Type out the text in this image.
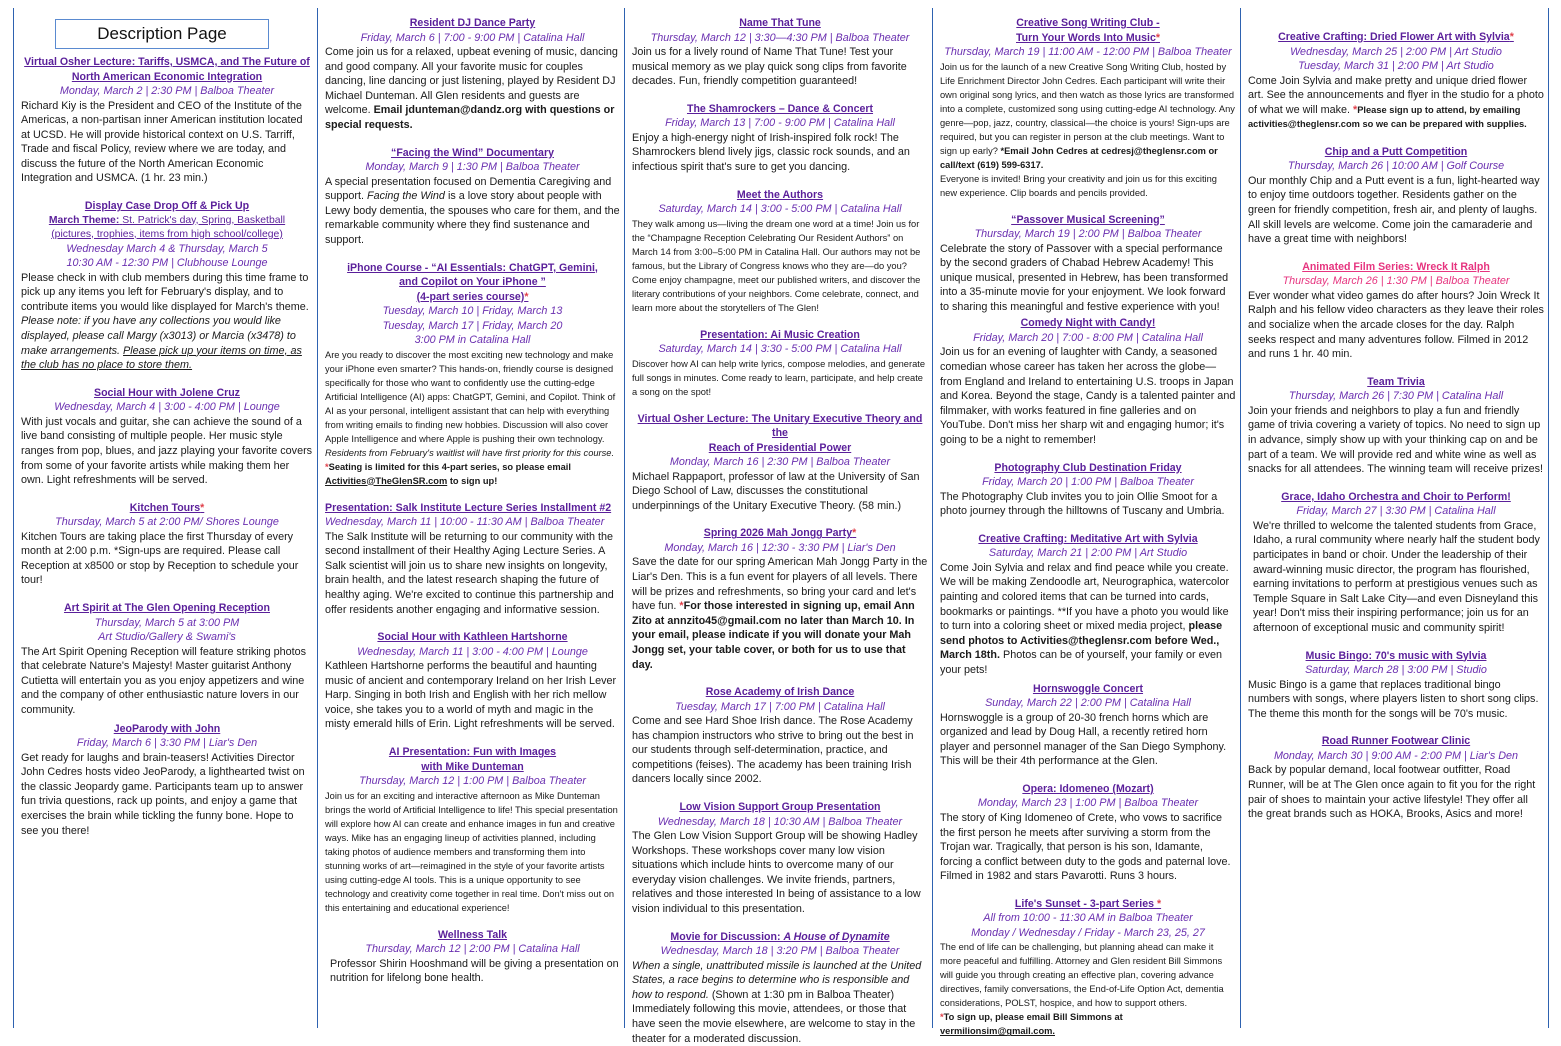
Description Page
Virtual Osher Lecture: Tariffs, USMCA, and The Future of North American Economic Integration
Monday, March 2 | 2:30 PM | Balboa Theater
Richard Kiy is the President and CEO of the Institute of the Americas, a non-partisan inner American institution located at UCSD. He will provide historical context on U.S. Tarriff, Trade and fiscal Policy, review where we are today, and discuss the future of the North American Economic Integration and USMCA. (1 hr. 23 min.)
Display Case Drop Off & Pick Up
March Theme: St. Patrick's day, Spring, Basketball
(pictures, trophies, items from high school/college)
Wednesday March 4 & Thursday, March 5
10:30 AM - 12:30 PM | Clubhouse Lounge
Please check in with club members during this time frame to pick up any items you left for February's display, and to contribute items you would like displayed for March's theme. Please note: if you have any collections you would like displayed, please call Margy (x3013) or Marcia (x3478) to make arrangements. Please pick up your items on time, as the club has no place to store them.
Social Hour with Jolene Cruz
Wednesday, March 4 | 3:00 - 4:00 PM | Lounge
With just vocals and guitar, she can achieve the sound of a live band consisting of multiple people. Her music style ranges from pop, blues, and jazz playing your favorite covers from some of your favorite artists while making them her own. Light refreshments will be served.
Kitchen Tours*
Thursday, March 5 at 2:00 PM/ Shores Lounge
Kitchen Tours are taking place the first Thursday of every month at 2:00 p.m. *Sign-ups are required. Please call Reception at x8500 or stop by Reception to schedule your tour!
Art Spirit at The Glen Opening Reception
Thursday, March 5 at 3:00 PM
Art Studio/Gallery & Swami's
The Art Spirit Opening Reception will feature striking photos that celebrate Nature's Majesty! Master guitarist Anthony Cutietta will entertain you as you enjoy appetizers and wine and the company of other enthusiastic nature lovers in our community.
JeoParody with John
Friday, March 6 | 3:30 PM | Liar's Den
Get ready for laughs and brain-teasers! Activities Director John Cedres hosts video JeoParody, a lighthearted twist on the classic Jeopardy game. Participants team up to answer fun trivia questions, rack up points, and enjoy a game that exercises the brain while tickling the funny bone. Hope to see you there!
Resident DJ Dance Party
Friday, March 6 | 7:00 - 9:00 PM | Catalina Hall
Come join us for a relaxed, upbeat evening of music, dancing and good company. All your favorite music for couples dancing, line dancing or just listening, played by Resident DJ Michael Dunteman. All Glen residents and guests are welcome. Email jdunteman@dandz.org with questions or special requests.
“Facing the Wind” Documentary
Monday, March 9 | 1:30 PM | Balboa Theater
A special presentation focused on Dementia Caregiving and support. Facing the Wind is a love story about people with Lewy body dementia, the spouses who care for them, and the remarkable community where they find sustenance and support.
iPhone Course - “AI Essentials: ChatGPT, Gemini,
and Copilot on Your iPhone ”
(4-part series course)*
Tuesday, March 10 | Friday, March 13
Tuesday, March 17 | Friday, March 20
3:00 PM in Catalina Hall
Are you ready to discover the most exciting new technology and make your iPhone even smarter? This hands-on, friendly course is designed specifically for those who want to confidently use the cutting-edge Artificial Intelligence (AI) apps: ChatGPT, Gemini, and Copilot. Think of AI as your personal, intelligent assistant that can help with everything from writing emails to finding new hobbies. Discussion will also cover Apple Intelligence and where Apple is pushing their own technology. Residents from February's waitlist will have first priority for this course. *Seating is limited for this 4-part series, so please email Activities@TheGlenSR.com to sign up!
Presentation: Salk Institute Lecture Series Installment #2
Wednesday, March 11 | 10:00 - 11:30 AM | Balboa Theater
The Salk Institute will be returning to our community with the second installment of their Healthy Aging Lecture Series. A Salk scientist will join us to share new insights on longevity, brain health, and the latest research shaping the future of healthy aging. We're excited to continue this partnership and offer residents another engaging and informative session.
Social Hour with Kathleen Hartshorne
Wednesday, March 11 | 3:00 - 4:00 PM | Lounge
Kathleen Hartshorne performs the beautiful and haunting music of ancient and contemporary Ireland on her Irish Lever Harp. Singing in both Irish and English with her rich mellow voice, she takes you to a world of myth and magic in the misty emerald hills of Erin. Light refreshments will be served.
AI Presentation: Fun with Images
with Mike Dunteman
Thursday, March 12 | 1:00 PM | Balboa Theater
Join us for an exciting and interactive afternoon as Mike Dunteman brings the world of Artificial Intelligence to life! This special presentation will explore how AI can create and enhance images in fun and creative ways. Mike has an engaging lineup of activities planned, including taking photos of audience members and transforming them into stunning works of art—reimagined in the style of your favorite artists using cutting-edge AI tools. This is a unique opportunity to see technology and creativity come together in real time. Don't miss out on this entertaining and educational experience!
Wellness Talk
Thursday, March 12 | 2:00 PM | Catalina Hall
Professor Shirin Hooshmand will be giving a presentation on nutrition for lifelong bone health.
Name That Tune
Thursday, March 12 | 3:30—4:30 PM | Balboa Theater
Join us for a lively round of Name That Tune! Test your musical memory as we play quick song clips from favorite decades. Fun, friendly competition guaranteed!
The Shamrockers – Dance & Concert
Friday, March 13 | 7:00 - 9:00 PM | Catalina Hall
Enjoy a high-energy night of Irish-inspired folk rock! The Shamrockers blend lively jigs, classic rock sounds, and an infectious spirit that's sure to get you dancing.
Meet the Authors
Saturday, March 14 | 3:00 - 5:00 PM | Catalina Hall
They walk among us—living the dream one word at a time! Join us for the “Champagne Reception Celebrating Our Resident Authors” on March 14 from 3:00–5:00 PM in Catalina Hall. Our authors may not be famous, but the Library of Congress knows who they are—do you? Come enjoy champagne, meet our published writers, and discover the literary contributions of your neighbors. Come celebrate, connect, and learn more about the storytellers of The Glen!
Presentation: Ai Music Creation
Saturday, March 14 | 3:30 - 5:00 PM | Catalina Hall
Discover how AI can help write lyrics, compose melodies, and generate full songs in minutes. Come ready to learn, participate, and help create a song on the spot!
Virtual Osher Lecture: The Unitary Executive Theory and the
Reach of Presidential Power
Monday, March 16 | 2:30 PM | Balboa Theater
Michael Rappaport, professor of law at the University of San Diego School of Law, discusses the constitutional underpinnings of the Unitary Executive Theory. (58 min.)
Spring 2026 Mah Jongg Party*
Monday, March 16 | 12:30 - 3:30 PM | Liar's Den
Save the date for our spring American Mah Jongg Party in the Liar's Den. This is a fun event for players of all levels. There will be prizes and refreshments, so bring your card and let's have fun. *For those interested in signing up, email Ann Zito at annzito45@gmail.com no later than March 10. In your email, please indicate if you will donate your Mah Jongg set, your table cover, or both for us to use that day.
Rose Academy of Irish Dance
Tuesday, March 17 | 7:00 PM | Catalina Hall
Come and see Hard Shoe Irish dance. The Rose Academy has champion instructors who strive to bring out the best in our students through self-determination, practice, and competitions (feises). The academy has been training Irish dancers locally since 2002.
Low Vision Support Group Presentation
Wednesday, March 18 | 10:30 AM | Balboa Theater
The Glen Low Vision Support Group will be showing Hadley Workshops. These workshops cover many low vision situations which include hints to overcome many of our everyday vision challenges. We invite friends, partners, relatives and those interested In being of assistance to a low vision individual to this presentation.
Movie for Discussion: A House of Dynamite
Wednesday, March 18 | 3:20 PM | Balboa Theater
When a single, unattributed missile is launched at the United States, a race begins to determine who is responsible and how to respond. (Shown at 1:30 pm in Balboa Theater) Immediately following this movie, attendees, or those that have seen the movie elsewhere, are welcome to stay in the theater for a moderated discussion.
Creative Song Writing Club -
Turn Your Words Into Music*
Thursday, March 19 | 11:00 AM - 12:00 PM | Balboa Theater
Join us for the launch of a new Creative Song Writing Club, hosted by Life Enrichment Director John Cedres. Each participant will write their own original song lyrics, and then watch as those lyrics are transformed into a complete, customized song using cutting-edge AI technology. Any genre—pop, jazz, country, classical—the choice is yours! Sign-ups are required, but you can register in person at the club meetings. Want to sign up early? *Email John Cedres at cedresj@theglensr.com or call/text (619) 599-6317.
Everyone is invited! Bring your creativity and join us for this exciting new experience. Clip boards and pencils provided.
“Passover Musical Screening”
Thursday, March 19 | 2:00 PM | Balboa Theater
Celebrate the story of Passover with a special performance by the second graders of Chabad Hebrew Academy! This unique musical, presented in Hebrew, has been transformed into a 35-minute movie for your enjoyment. We look forward to sharing this meaningful and festive experience with you!
Comedy Night with Candy!
Friday, March 20 | 7:00 - 8:00 PM | Catalina Hall
Join us for an evening of laughter with Candy, a seasoned comedian whose career has taken her across the globe—from England and Ireland to entertaining U.S. troops in Japan and Korea. Beyond the stage, Candy is a talented painter and filmmaker, with works featured in fine galleries and on YouTube. Don't miss her sharp wit and engaging humor; it's going to be a night to remember!
Photography Club Destination Friday
Friday, March 20 | 1:00 PM | Balboa Theater
The Photography Club invites you to join Ollie Smoot for a photo journey through the hilltowns of Tuscany and Umbria.
Creative Crafting: Meditative Art with Sylvia
Saturday, March 21 | 2:00 PM | Art Studio
Come Join Sylvia and relax and find peace while you create. We will be making Zendoodle art, Neurographica, watercolor painting and colored items that can be turned into cards, bookmarks or paintings. **If you have a photo you would like to turn into a coloring sheet or mixed media project, please send photos to Activities@theglensr.com before Wed., March 18th. Photos can be of yourself, your family or even your pets!
Hornswoggle Concert
Sunday, March 22 | 2:00 PM | Catalina Hall
Hornswoggle is a group of 20-30 french horns which are organized and lead by Doug Hall, a recently retired horn player and personnel manager of the San Diego Symphony. This will be their 4th performance at the Glen.
Opera: Idomeneo (Mozart)
Monday, March 23 | 1:00 PM | Balboa Theater
The story of King Idomeneo of Crete, who vows to sacrifice the first person he meets after surviving a storm from the Trojan war. Tragically, that person is his son, Idamante, forcing a conflict between duty to the gods and paternal love. Filmed in 1982 and stars Pavarotti. Runs 3 hours.
Life's Sunset - 3-part Series *
All from 10:00 - 11:30 AM in Balboa Theater
Monday / Wednesday / Friday - March 23, 25, 27
The end of life can be challenging, but planning ahead can make it more peaceful and fulfilling. Attorney and Glen resident Bill Simmons will guide you through creating an effective plan, covering advance directives, family conversations, the End‑of‑Life Option Act, dementia considerations, POLST, hospice, and how to support others.
*To sign up, please email Bill Simmons at vermilionsim@gmail.com.
Creative Crafting: Dried Flower Art with Sylvia*
Wednesday, March 25 | 2:00 PM | Art Studio
Tuesday, March 31 | 2:00 PM | Art Studio
Come Join Sylvia and make pretty and unique dried flower art. See the announcements and flyer in the studio for a photo of what we will make. *Please sign up to attend, by emailing activities@theglensr.com so we can be prepared with supplies.
Chip and a Putt Competition
Thursday, March 26 | 10:00 AM | Golf Course
Our monthly Chip and a Putt event is a fun, light‑hearted way to enjoy time outdoors together. Residents gather on the green for friendly competition, fresh air, and plenty of laughs. All skill levels are welcome. Come join the camaraderie and have a great time with neighbors!
Animated Film Series: Wreck It Ralph
Thursday, March 26 | 1:30 PM | Balboa Theater
Ever wonder what video games do after hours? Join Wreck It Ralph and his fellow video characters as they leave their roles and socialize when the arcade closes for the day. Ralph seeks respect and many adventures follow. Filmed in 2012 and runs 1 hr. 40 min.
Team Trivia
Thursday, March 26 | 7:30 PM | Catalina Hall
Join your friends and neighbors to play a fun and friendly game of trivia covering a variety of topics. No need to sign up in advance, simply show up with your thinking cap on and be part of a team. We will provide red and white wine as well as snacks for all attendees. The winning team will receive prizes!
Grace, Idaho Orchestra and Choir to Perform!
Friday, March 27 | 3:30 PM | Catalina Hall
We're thrilled to welcome the talented students from Grace, Idaho, a rural community where nearly half the student body participates in band or choir. Under the leadership of their award-winning music director, the program has flourished, earning invitations to perform at prestigious venues such as Temple Square in Salt Lake City—and even Disneyland this year! Don't miss their inspiring performance; join us for an afternoon of exceptional music and community spirit!
Music Bingo: 70's music with Sylvia
Saturday, March 28 | 3:00 PM | Studio
Music Bingo is a game that replaces traditional bingo numbers with songs, where players listen to short song clips. The theme this month for the songs will be 70's music.
Road Runner Footwear Clinic
Monday, March 30 | 9:00 AM - 2:00 PM | Liar's Den
Back by popular demand, local footwear outfitter, Road Runner, will be at The Glen once again to fit you for the right pair of shoes to maintain your active lifestyle! They offer all the great brands such as HOKA, Brooks, Asics and more!
